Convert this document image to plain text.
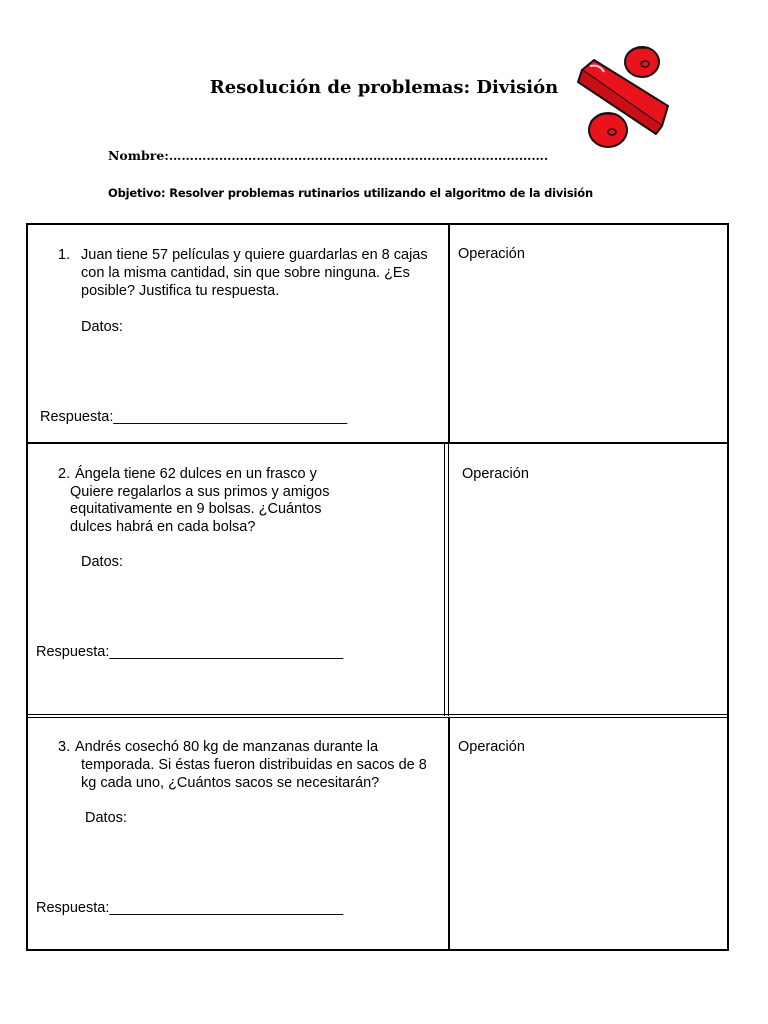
Resolución de problemas: División
Nombre:……………………………………………………………………………….
Objetivo: Resolver problemas rutinarios utilizando el algoritmo de la división
1. Juan tiene 57 películas y quiere guardarlas en 8 cajas
con la misma cantidad, sin que sobre ninguna. ¿Es
posible? Justifica tu respuesta.
Datos:
Respuesta:_____________________________
Operación
2. Ángela tiene 62 dulces en un frasco y
Quiere regalarlos a sus primos y amigos
equitativamente en 9 bolsas. ¿Cuántos
dulces habrá en cada bolsa?
Datos:
Respuesta:_____________________________
Operación
3. Andrés cosechó 80 kg de manzanas durante la
temporada. Si éstas fueron distribuidas en sacos de 8
kg cada uno, ¿Cuántos sacos se necesitarán?
Datos:
Respuesta:_____________________________
Operación
